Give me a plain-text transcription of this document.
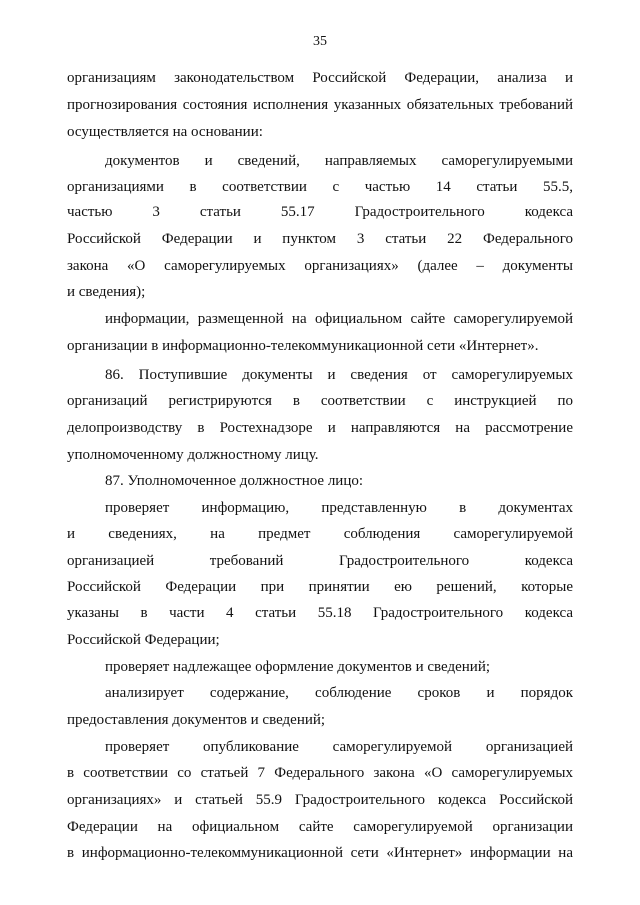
35
организациям законодательством Российской Федерации, анализа и
прогнозирования состояния исполнения указанных обязательных требований
осуществляется на основании:
документов и сведений, направляемых саморегулируемыми
организациями в соответствии с частью 14 статьи 55.5,
частью 3 статьи 55.17 Градостроительного кодекса
Российской Федерации и пунктом 3 статьи 22 Федерального
закона «О саморегулируемых организациях» (далее – документы
и сведения);
информации, размещенной на официальном сайте саморегулируемой
организации в информационно-телекоммуникационной сети «Интернет».
86. Поступившие документы и сведения от саморегулируемых
организаций регистрируются в соответствии с инструкцией по
делопроизводству в Ростехнадзоре и направляются на рассмотрение
уполномоченному должностному лицу.
87. Уполномоченное должностное лицо:
проверяет информацию, представленную в документах
и сведениях, на предмет соблюдения саморегулируемой
организацией требований Градостроительного кодекса
Российской Федерации при принятии ею решений, которые
указаны в части 4 статьи 55.18 Градостроительного кодекса
Российской Федерации;
проверяет надлежащее оформление документов и сведений;
анализирует содержание, соблюдение сроков и порядок
предоставления документов и сведений;
проверяет опубликование саморегулируемой организацией
в соответствии со статьей 7 Федерального закона «О саморегулируемых
организациях» и статьей 55.9 Градостроительного кодекса Российской
Федерации на официальном сайте саморегулируемой организации
в информационно-телекоммуникационной сети «Интернет» информации на
